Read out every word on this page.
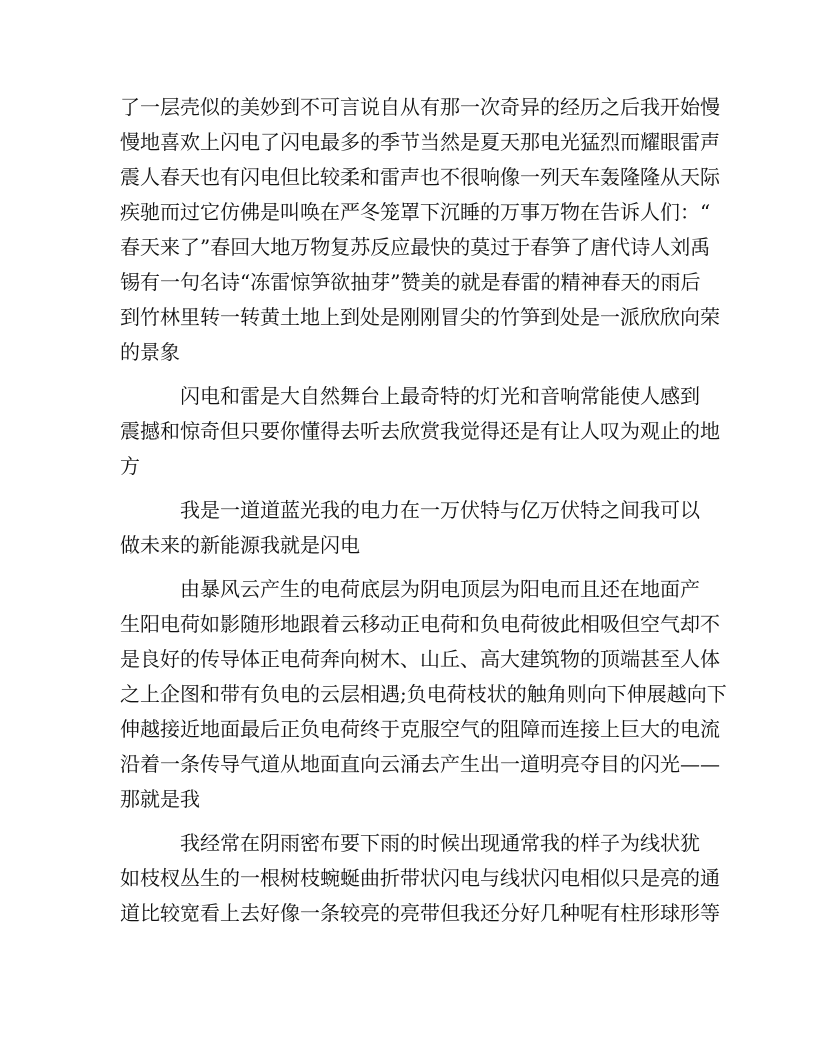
了一层壳似的美妙到不可言说自从有那一次奇异的经历之后我开始慢
慢地喜欢上闪电了闪电最多的季节当然是夏天那电光猛烈而耀眼雷声
震人春天也有闪电但比较柔和雷声也不很响像一列天车轰隆隆从天际
疾驰而过它仿佛是叫唤在严冬笼罩下沉睡的万事万物在告诉人们：“
春天来了”春回大地万物复苏反应最快的莫过于春笋了唐代诗人刘禹
锡有一句名诗“冻雷惊笋欲抽芽”赞美的就是春雷的精神春天的雨后
到竹林里转一转黄土地上到处是刚刚冒尖的竹笋到处是一派欣欣向荣
的景象
闪电和雷是大自然舞台上最奇特的灯光和音响常能使人感到
震撼和惊奇但只要你懂得去听去欣赏我觉得还是有让人叹为观止的地
方
我是一道道蓝光我的电力在一万伏特与亿万伏特之间我可以
做未来的新能源我就是闪电
由暴风云产生的电荷底层为阴电顶层为阳电而且还在地面产
生阳电荷如影随形地跟着云移动正电荷和负电荷彼此相吸但空气却不
是良好的传导体正电荷奔向树木、山丘、高大建筑物的顶端甚至人体
之上企图和带有负电的云层相遇;负电荷枝状的触角则向下伸展越向下
伸越接近地面最后正负电荷终于克服空气的阻障而连接上巨大的电流
沿着一条传导气道从地面直向云涌去产生出一道明亮夺目的闪光——
那就是我
我经常在阴雨密布要下雨的时候出现通常我的样子为线状犹
如枝杈丛生的一根树枝蜿蜒曲折带状闪电与线状闪电相似只是亮的通
道比较宽看上去好像一条较亮的亮带但我还分好几种呢有柱形球形等
